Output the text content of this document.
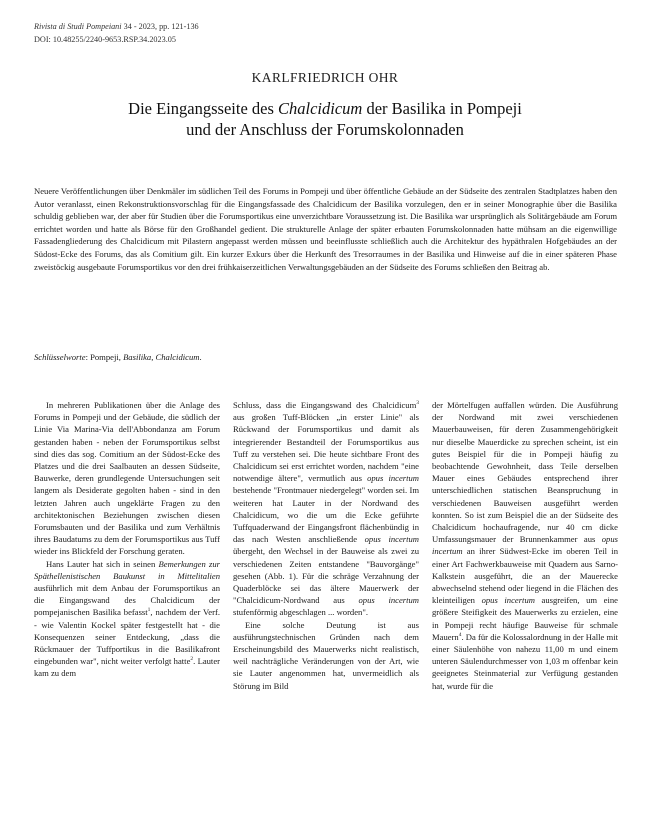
Rivista di Studi Pompeiani 34 - 2023, pp. 121-136
DOI: 10.48255/2240-9653.RSP.34.2023.05
KARLFRIEDRICH OHR
Die Eingangsseite des Chalcidicum der Basilika in Pompeji
und der Anschluss der Forumskolonnaden
Neuere Veröffentlichungen über Denkmäler im südlichen Teil des Forums in Pompeji und über öffentliche Gebäude an der Südseite des zentralen Stadtplatzes haben den Autor veranlasst, einen Rekonstruktionsvorschlag für die Eingangsfassade des Chalcidicum der Basilika vorzulegen, den er in seiner Monographie über die Basilika schuldig geblieben war, der aber für Studien über die Forumsportikus eine unverzichtbare Voraussetzung ist. Die Basilika war ursprünglich als Solitärgebäude am Forum errichtet worden und hatte als Börse für den Großhandel gedient. Die strukturelle Anlage der später erbauten Forumskolonnaden hatte mühsam an die eigenwillige Fassadengliederung des Chalcidicum mit Pilastern angepasst werden müssen und beeinflusste schließlich auch die Architektur des hypäthralen Hofgebäudes an der Südost-Ecke des Forums, das als Comitium gilt. Ein kurzer Exkurs über die Herkunft des Tresorraumes in der Basilika und Hinweise auf die in einer späteren Phase zweistöckig ausgebaute Forumsportikus vor den drei frühkaiserzeitlichen Verwaltungsgebäuden an der Südseite des Forums schließen den Beitrag ab.
Schlüsselworte: Pompeji, Basilika, Chalcidicum.

In mehreren Publikationen über die Anlage des Forums in Pompeji und der Gebäude, die südlich der Linie Via Marina-Via dell'Abbondanza am Forum gestanden haben - neben der Forumsportikus selbst sind dies das sog. Comitium an der Südost-Ecke des Platzes und die drei Saalbauten an dessen Südseite, Bauwerke, deren grundlegende Untersuchungen seit langem als Desiderate gegolten haben - sind in den letzten Jahren auch ungeklärte Fragen zu den architektonischen Beziehungen zwischen diesen Forumsbauten und der Basilika und zum Verhältnis ihres Baudatums zu dem der Forumsportikus aus Tuff wieder ins Blickfeld der Forschung geraten.

Hans Lauter hat sich in seinen Bemerkungen zur Späthellenistischen Baukunst in Mittelitalien ausführlich mit dem Anbau der Forumsportikus an die Eingangswand des Chalcidicum der pompejanischen Basilika befasst$^1$, nachdem der Verf. - wie Valentin Kockel später festgestellt hat - die Konsequenzen seiner Entdeckung, „dass die Rückmauer der Tuffportikus in die Basilikafront eingebunden war", nicht weiter verfolgt hatte$^2$. Lauter kam zu dem

Schluss, dass die Eingangswand des Chalcidicum$^3$ aus großen Tuff-Blöcken „in erster Linie" als Rückwand der Forumsportikus und damit als integrierender Bestandteil der Forumsportikus aus Tuff zu verstehen sei. Die heute sichtbare Front des Chalcidicum sei erst errichtet worden, nachdem "eine notwendige ältere", vermutlich aus opus incertum bestehende "Frontmauer niedergelegt" worden sei. Im weiteren hat Lauter in der Nordwand des Chalcidicum, wo die um die Ecke geführte Tuffquaderwand der Eingangsfront flächenbündig in das nach Westen anschließende opus incertum übergeht, den Wechsel in der Bauweise als zwei zu verschiedenen Zeiten entstandene "Bauvorgänge" gesehen (Abb. 1). Für die schräge Verzahnung der Quaderblöcke sei das ältere Mauerwerk der "Chalcidicum-Nordwand aus opus incertum stufenförmig abgeschlagen ... worden".

Eine solche Deutung ist aus ausführungstechnischen Gründen nach dem Erscheinungsbild des Mauerwerks nicht realistisch, weil nachträgliche Veränderungen von der Art, wie sie Lauter angenommen hat, unvermeidlich als Störung im Bild

der Mörtelfugen auffallen würden. Die Ausführung der Nordwand mit zwei verschiedenen Mauerbauweisen, für deren Zusammengehörigkeit nur dieselbe Mauerdicke zu sprechen scheint, ist ein gutes Beispiel für die in Pompeji häufig zu beobachtende Gewohnheit, dass Teile derselben Mauer eines Gebäudes entsprechend ihrer unterschiedlichen statischen Beanspruchung in verschiedenen Bauweisen ausgeführt werden konnten. So ist zum Beispiel die an der Südseite des Chalcidicum hochaufragende, nur 40 cm dicke Umfassungsmauer der Brunnenkammer aus opus incertum an ihrer Südwest-Ecke im oberen Teil in einer Art Fachwerkbauweise mit Quadern aus Sarno-Kalkstein ausgeführt, die an der Mauerecke abwechselnd stehend oder liegend in die Flächen des kleinteiligen opus incertum ausgreifen, um eine größere Steifigkeit des Mauerwerks zu erzielen, eine in Pompeji recht häufige Bauweise für schmale Mauern$^4$. Da für die Kolossalordnung in der Halle mit einer Säulenhöhe von nahezu 11,00 m und einem unteren Säulendurchmesser von 1,03 m offenbar kein geeignetes Steinmaterial zur Verfügung gestanden hat, wurde für die
